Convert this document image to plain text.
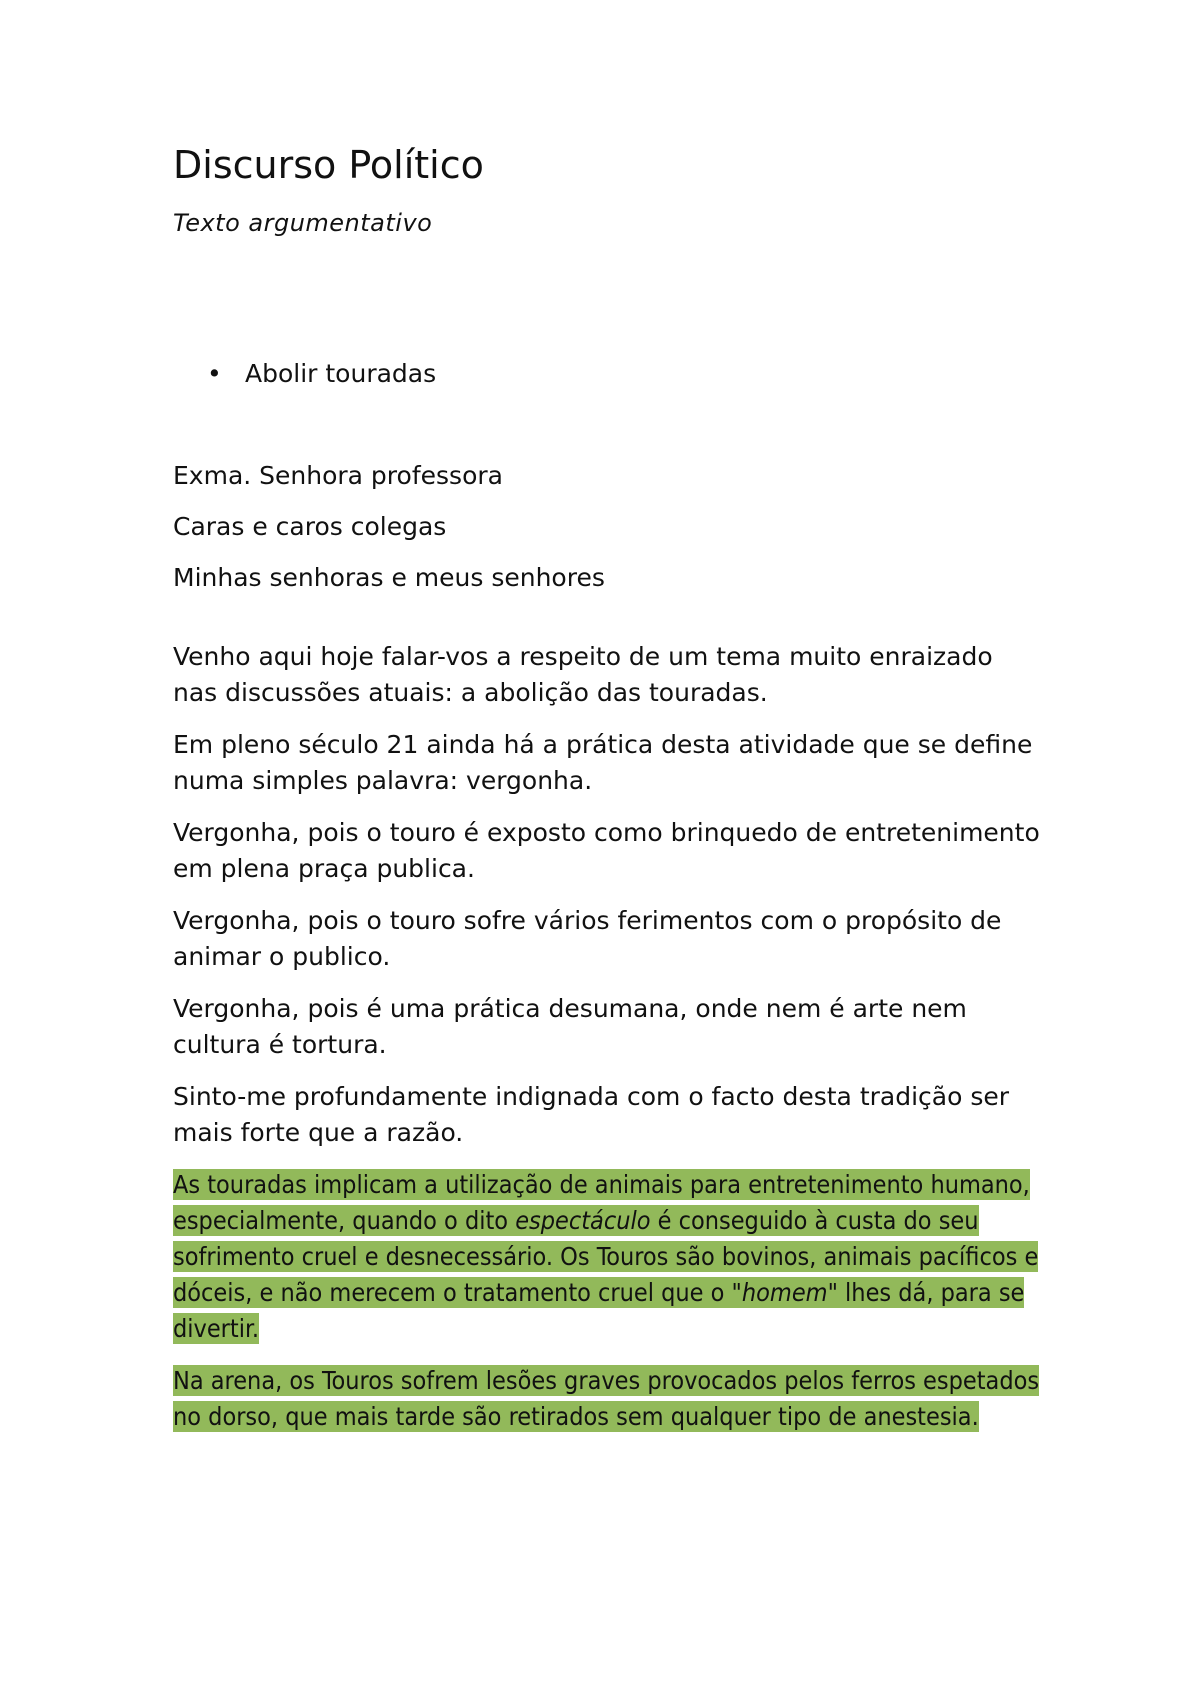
Discurso Político
Texto argumentativo
• Abolir touradas

Exma. Senhora professora

Caras e caros colegas

Minhas senhoras e meus senhores

Venho aqui hoje falar-vos a respeito de um tema muito enraizado nas discussões atuais: a abolição das touradas.

Em pleno século 21 ainda há a prática desta atividade que se define numa simples palavra: vergonha.

Vergonha, pois o touro é exposto como brinquedo de entretenimento em plena praça publica.

Vergonha, pois o touro sofre vários ferimentos com o propósito de animar o publico.

Vergonha, pois é uma prática desumana, onde nem é arte nem cultura é tortura.

Sinto-me profundamente indignada com o facto desta tradição ser mais forte que a razão.

As touradas implicam a utilização de animais para entretenimento humano, especialmente, quando o dito espectáculo é conseguido à custa do seu sofrimento cruel e desnecessário. Os Touros são bovinos, animais pacíficos e dóceis, e não merecem o tratamento cruel que o "homem" lhes dá, para se divertir.

Na arena, os Touros sofrem lesões graves provocados pelos ferros espetados no dorso, que mais tarde são retirados sem qualquer tipo de anestesia.
